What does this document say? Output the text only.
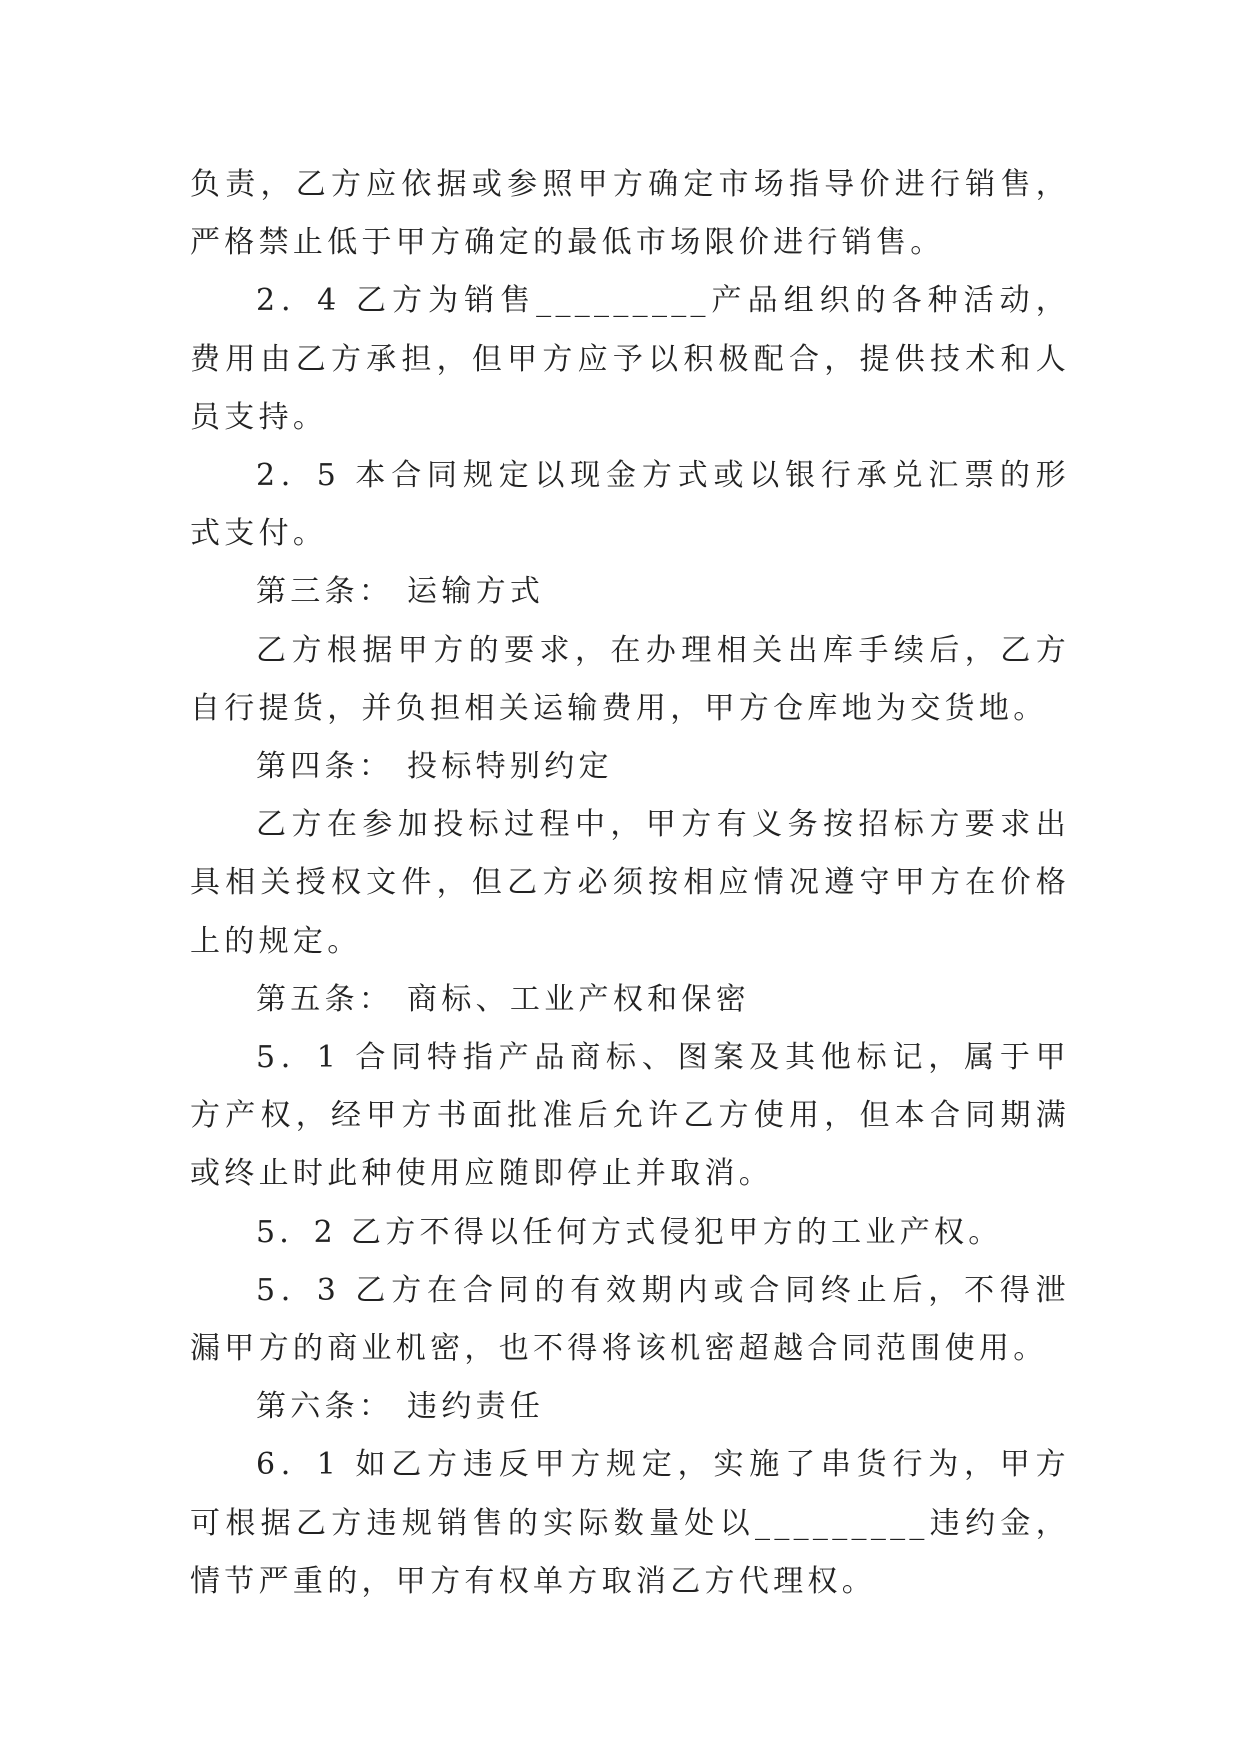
负责，乙方应依据或参照甲方确定市场指导价进行销售，严格禁止低于甲方确定的最低市场限价进行销售。

2．4 乙方为销售_________产品组织的各种活动，费用由乙方承担，但甲方应予以积极配合，提供技术和人员支持。

2．5 本合同规定以现金方式或以银行承兑汇票的形式支付。

第三条： 运输方式

乙方根据甲方的要求，在办理相关出库手续后，乙方自行提货，并负担相关运输费用，甲方仓库地为交货地。

第四条： 投标特别约定

乙方在参加投标过程中，甲方有义务按招标方要求出具相关授权文件，但乙方必须按相应情况遵守甲方在价格上的规定。

第五条： 商标、工业产权和保密

5．1 合同特指产品商标、图案及其他标记，属于甲方产权，经甲方书面批准后允许乙方使用，但本合同期满或终止时此种使用应随即停止并取消。

5．2 乙方不得以任何方式侵犯甲方的工业产权。

5．3 乙方在合同的有效期内或合同终止后，不得泄漏甲方的商业机密，也不得将该机密超越合同范围使用。

第六条： 违约责任

6．1 如乙方违反甲方规定，实施了串货行为，甲方可根据乙方违规销售的实际数量处以_________违约金，情节严重的，甲方有权单方取消乙方代理权。
